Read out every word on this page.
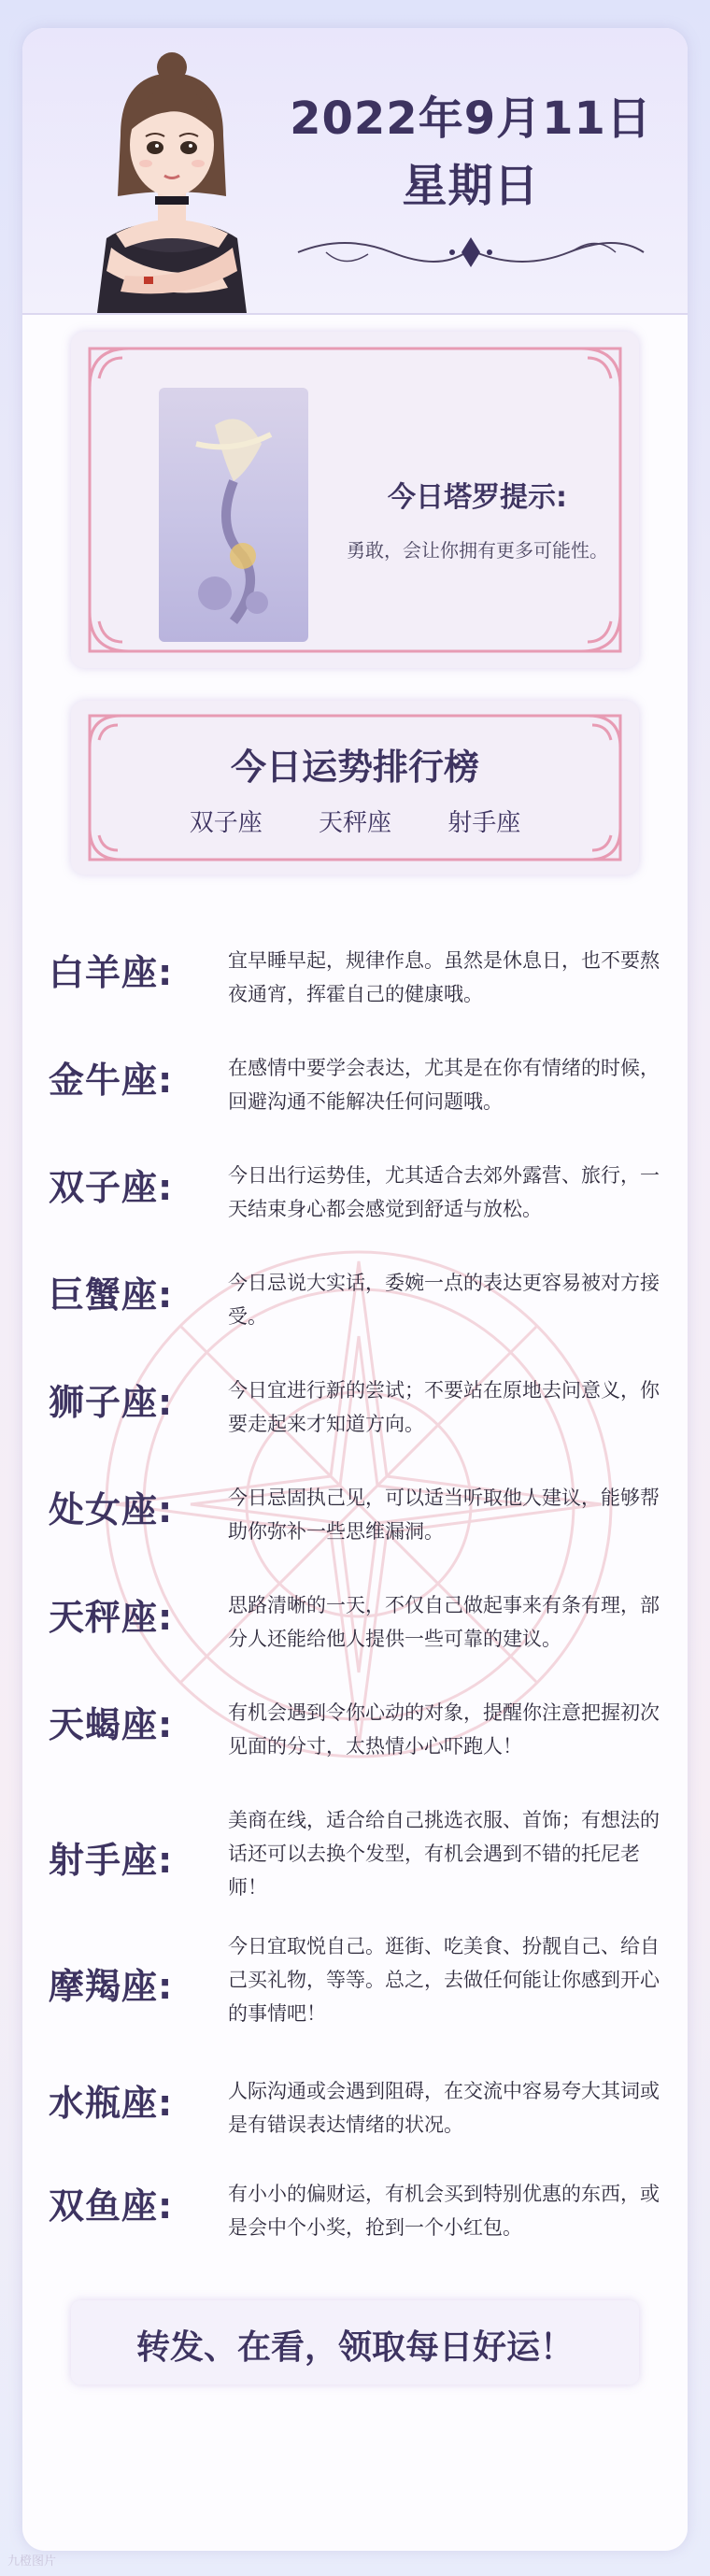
2022年9月11日
星期日
今日塔罗提示:
勇敢，会让你拥有更多可能性。
今日运势排行榜
双子座 天秤座 射手座
白羊座:	宜早睡早起，规律作息。虽然是休息日，也不要熬夜通宵，挥霍自己的健康哦。
金牛座:	在感情中要学会表达，尤其是在你有情绪的时候，回避沟通不能解决任何问题哦。
双子座:	今日出行运势佳，尤其适合去郊外露营、旅行，一天结束身心都会感觉到舒适与放松。
巨蟹座:	今日忌说大实话，委婉一点的表达更容易被对方接受。
狮子座:	今日宜进行新的尝试；不要站在原地去问意义，你要走起来才知道方向。
处女座:	今日忌固执己见，可以适当听取他人建议，能够帮助你弥补一些思维漏洞。
天秤座:	思路清晰的一天，不仅自己做起事来有条有理，部分人还能给他人提供一些可靠的建议。
天蝎座:	有机会遇到令你心动的对象，提醒你注意把握初次见面的分寸，太热情小心吓跑人！
射手座:
美商在线，适合给自己挑选衣服、首饰；有想法的话还可以去换个发型，有机会遇到不错的托尼老师！
摩羯座:
今日宜取悦自己。逛街、吃美食、扮靓自己、给自己买礼物，等等。总之，去做任何能让你感到开心的事情吧！
水瓶座:	人际沟通或会遇到阻碍，在交流中容易夸大其词或是有错误表达情绪的状况。
双鱼座:	有小小的偏财运，有机会买到特别优惠的东西，或是会中个小奖，抢到一个小红包。
转发、在看，领取每日好运！
九橙图片
